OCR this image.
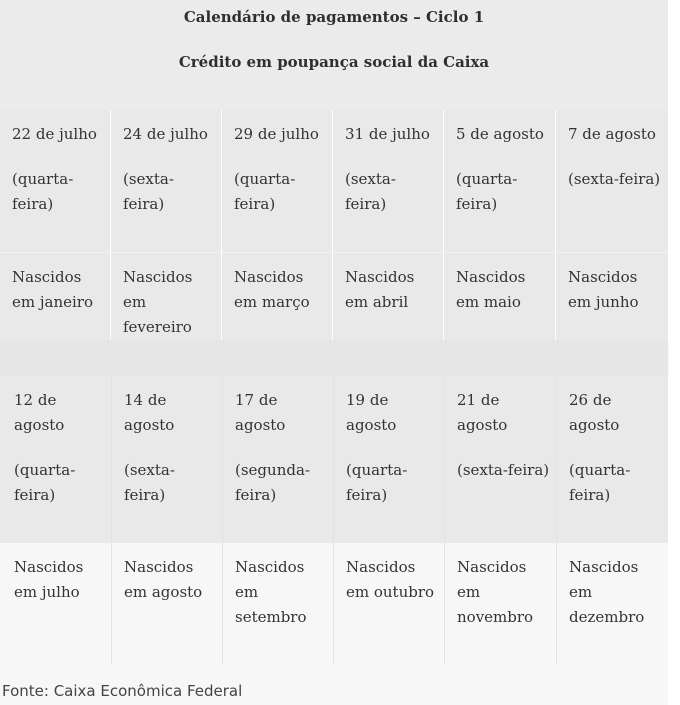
Calendário de pagamentos – Ciclo 1
Crédito em poupança social da Caixa

22 de julho

(quarta-feira)

24 de julho

(sexta-feira)

29 de julho

(quarta-feira)

31 de julho

(sexta-feira)

5 de agosto

(quarta-feira)

7 de agosto

(sexta-feira)

Nascidos em janeiro

Nascidos em fevereiro

Nascidos em março

Nascidos em abril

Nascidos em maio

Nascidos em junho

12 de agosto

(quarta-feira)

14 de agosto

(sexta-feira)

17 de agosto

(segunda-feira)

19 de agosto

(quarta-feira)

21 de agosto

(sexta-feira)

26 de agosto

(quarta-feira)

Nascidos em julho

Nascidos em agosto

Nascidos em setembro

Nascidos em outubro

Nascidos em novembro

Nascidos em dezembro

Fonte: Caixa Econômica Federal
